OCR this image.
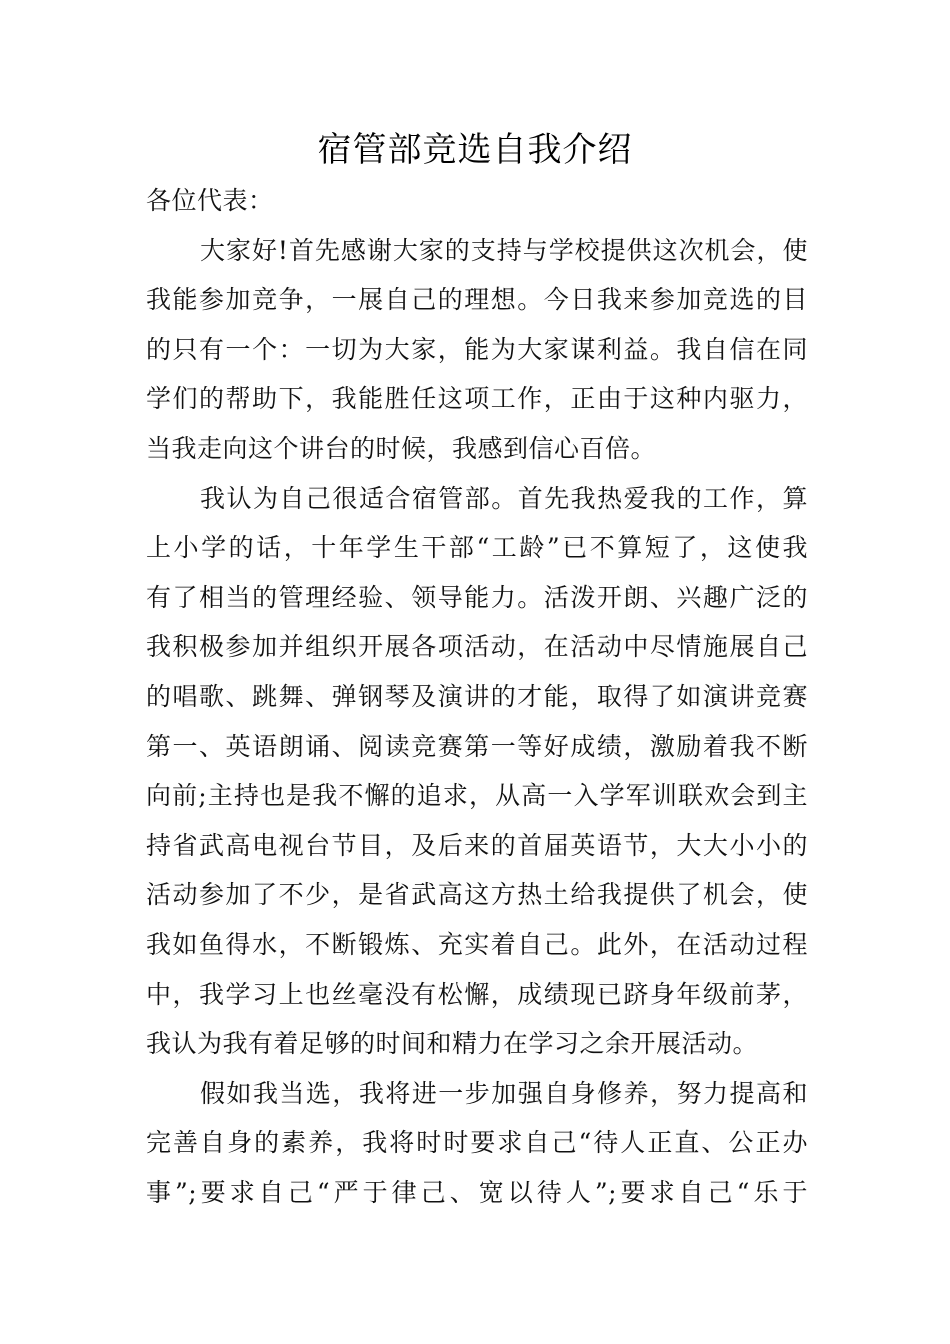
宿管部竞选自我介绍
各位代表：
大家好!首先感谢大家的支持与学校提供这次机会，使
我能参加竞争，一展自己的理想。今日我来参加竞选的目
的只有一个：一切为大家，能为大家谋利益。我自信在同
学们的帮助下，我能胜任这项工作，正由于这种内驱力，
当我走向这个讲台的时候，我感到信心百倍。
我认为自己很适合宿管部。首先我热爱我的工作，算
上小学的话，十年学生干部“工龄”已不算短了，这使我
有了相当的管理经验、领导能力。活泼开朗、兴趣广泛的
我积极参加并组织开展各项活动，在活动中尽情施展自己
的唱歌、跳舞、弹钢琴及演讲的才能，取得了如演讲竞赛
第一、英语朗诵、阅读竞赛第一等好成绩，激励着我不断
向前;主持也是我不懈的追求，从高一入学军训联欢会到主
持省武高电视台节目，及后来的首届英语节，大大小小的
活动参加了不少，是省武高这方热土给我提供了机会，使
我如鱼得水，不断锻炼、充实着自己。此外，在活动过程
中，我学习上也丝毫没有松懈，成绩现已跻身年级前茅，
我认为我有着足够的时间和精力在学习之余开展活动。
假如我当选，我将进一步加强自身修养，努力提高和
完善自身的素养，我将时时要求自己“待人正直、公正办
事”;要求自己“严于律己、宽以待人”;要求自己“乐于
